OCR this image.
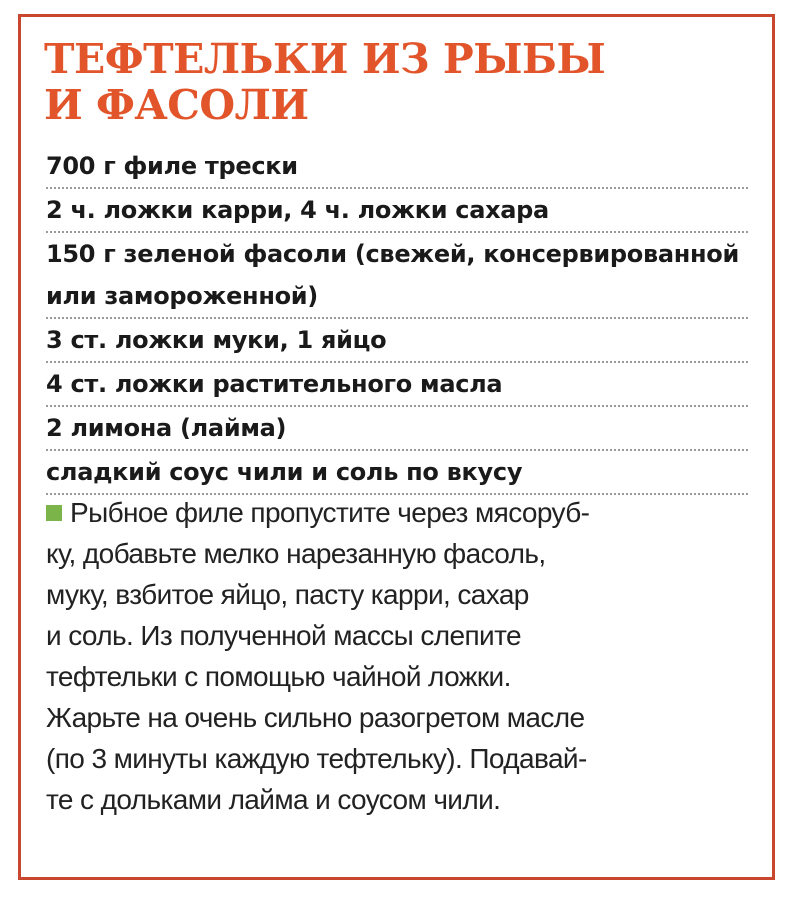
ТЕФТЕЛЬКИ ИЗ РЫБЫ
И ФАСОЛИ
700 г филе трески
2 ч. ложки карри, 4 ч. ложки сахара
150 г зеленой фасоли (свежей, консервированной или замороженной)
3 ст. ложки муки, 1 яйцо
4 ст. ложки растительного масла
2 лимона (лайма)
сладкий соус чили и соль по вкусу
Рыбное филе пропустите через мясоруб-
ку, добавьте мелко нарезанную фасоль,
муку, взбитое яйцо, пасту карри, сахар
и соль. Из полученной массы слепите
тефтельки с помощью чайной ложки.
Жарьте на очень сильно разогретом масле
(по 3 минуты каждую тефтельку). Подавай-
те с дольками лайма и соусом чили.
